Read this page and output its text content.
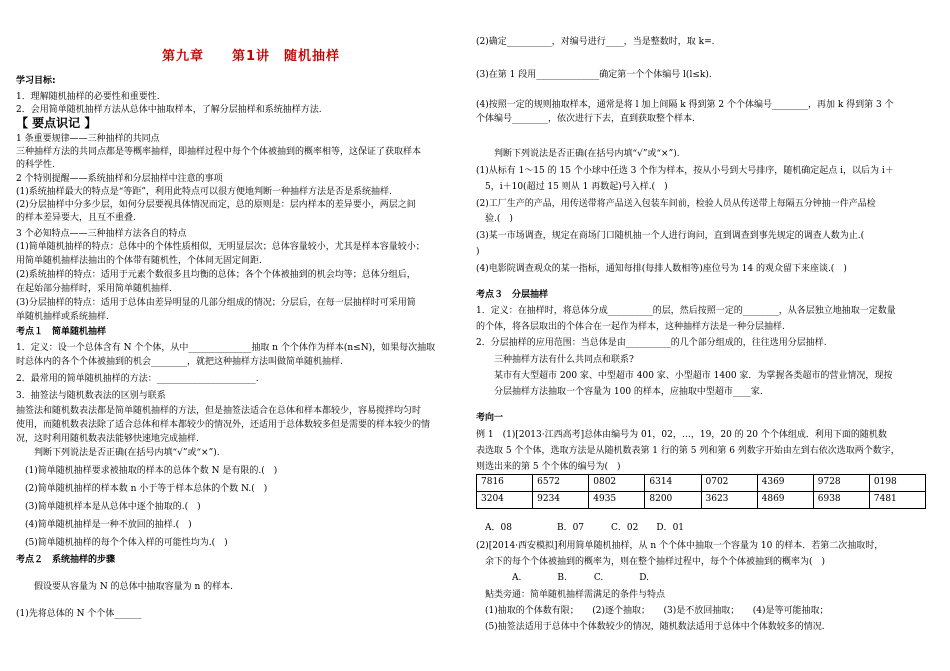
第九章　　第1讲　随机抽样
学习目标:
1．理解随机抽样的必要性和重要性.
2．会用简单随机抽样方法从总体中抽取样本，了解分层抽样和系统抽样方法.
【 要点识记 】
1 条重要规律——三种抽样的共同点
三种抽样方法的共同点都是等概率抽样，即抽样过程中每个个体被抽到的概率相等，这保证了获取样本
的科学性.
2 个特别提醒——系统抽样和分层抽样中注意的事项
(1)系统抽样最大的特点是“等距”，利用此特点可以很方便地判断一种抽样方法是否是系统抽样.
(2)分层抽样中分多少层，如何分层要视具体情况而定，总的原则是：层内样本的差异要小，两层之间
的样本差异要大，且互不重叠.
3 个必知特点——三种抽样方法各自的特点
(1)简单随机抽样的特点：总体中的个体性质相似，无明显层次；总体容量较小，尤其是样本容量较小；
用简单随机抽样法抽出的个体带有随机性，个体间无固定间距.
(2)系统抽样的特点：适用于元素个数很多且均衡的总体；各个个体被抽到的机会均等；总体分组后，
在起始部分抽样时，采用简单随机抽样.
(3)分层抽样的特点：适用于总体由差异明显的几部分组成的情况；分层后，在每一层抽样时可采用简
单随机抽样或系统抽样.
考点１　简单随机抽样
1．定义：设一个总体含有 N 个个体，从中______________抽取 n 个个体作为样本(n≤N)，如果每次抽取
时总体内的各个个体被抽到的机会________，就把这种抽样方法叫做简单随机抽样.
2．最常用的简单随机抽样的方法：______________________.
3．抽签法与随机数表法的区别与联系
抽签法和随机数表法都是简单随机抽样的方法，但是抽签法适合在总体和样本都较少，容易搅拌均匀时
使用，而随机数表法除了适合总体和样本都较少的情况外，还适用于总体数较多但是需要的样本较少的情
况，这时利用随机数表法能够快速地完成抽样.
　　判断下列说法是否正确(在括号内填“√”或“×”).
　(1)简单随机抽样要求被抽取的样本的总体个数 N 是有限的.(　)
　(2)简单随机抽样的样本数 n 小于等于样本总体的个数 N.(　)
　(3)简单随机样本是从总体中逐个抽取的.(　)
　(4)简单随机抽样是一种不放回的抽样.(　)
　(5)简单随机抽样的每个个体入样的可能性均为.(　)
考点２　系统抽样的步骤
　　假设要从容量为 N 的总体中抽取容量为 n 的样本.
(1)先将总体的 N 个个体______
7816	6572	0802	6314	0702	4369	9728	0198
3204	9234	4935	8200	3623	4869	6938	7481
(2)确定__________，对编号进行____，当是整数时，取 k=.
(3)在第 1 段用______________确定第一个个体编号 l(l≤k).
(4)按照一定的规则抽取样本，通常是将 l 加上间隔 k 得到第 2 个个体编号________，再加 k 得到第 3 个
个体编号________，依次进行下去，直到获取整个样本.
　　判断下列说法是否正确(在括号内填“√”或“×”).
(1)从标有 1～15 的 15 个小球中任选 3 个作为样本，按从小号到大号排序，随机确定起点 i，以后为 i＋
　5，i＋10(超过 15 则从 1 再数起)号入样.(　)
(2)工厂生产的产品，用传送带将产品送入包装车间前，检验人员从传送带上每隔五分钟抽一件产品检
　验.(　)
(3)某一市场调查，规定在商场门口随机抽一个人进行询问，直到调查到事先规定的调查人数为止.(
)
(4)电影院调查观众的某一指标，通知每排(每排人数相等)座位号为 14 的观众留下来座谈.(　)
考点３　分层抽样
1．定义：在抽样时，将总体分成__________的层，然后按照一定的________，从各层独立地抽取一定数量
的个体，将各层取出的个体合在一起作为样本，这种抽样方法是一种分层抽样.
2．分层抽样的应用范围：当总体是由__________的几个部分组成的，往往选用分层抽样.
　　三种抽样方法有什么共同点和联系?
　　某市有大型超市 200 家、中型超市 400 家、小型超市 1400 家．为掌握各类超市的营业情况，现按
　　分层抽样方法抽取一个容量为 100 的样本，应抽取中型超市____家.
考向一
例 1　(1)[2013·江西高考]总体由编号为 01，02，…，19，20 的 20 个个体组成．利用下面的随机数
表选取 5 个个体，选取方法是从随机数表第 1 行的第 5 列和第 6 列数字开始由左到右依次选取两个数字，
则选出来的第 5 个个体的编号为(　)
　A．08　　　　　B．07　　　C．02　　D．01
(2)[2014·西安模拟]利用简单随机抽样，从 n 个个体中抽取一个容量为 10 的样本．若第二次抽取时，
　余下的每个个体被抽到的概率为，则在整个抽样过程中，每个个体被抽到的概率为(　)
　　　　A.　　　　B.　　　C.　　　　D.
　鲇类旁通：简单随机抽样需满足的条件与特点
　(1)抽取的个体数有限；　　(2)逐个抽取；　　(3)是不放回抽取；　　(4)是等可能抽取；
　(5)抽签法适用于总体中个体数较少的情况，随机数法适用于总体中个体数较多的情况.
